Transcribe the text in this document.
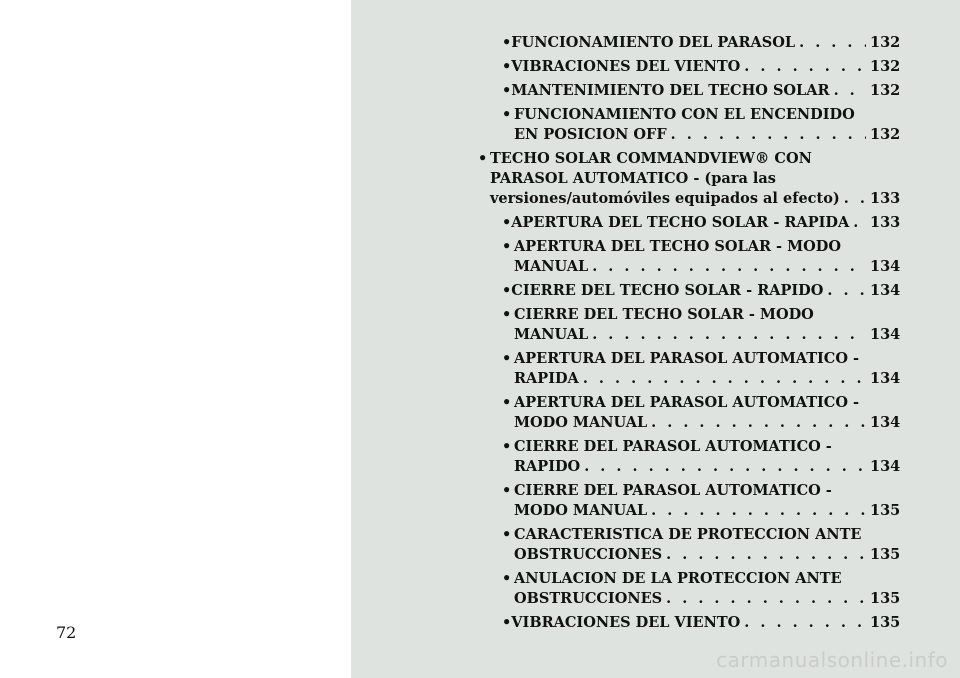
• FUNCIONAMIENTO DEL PARASOL . . .	132
• VIBRACIONES DEL VIENTO . . .	132
• MANTENIMIENTO DEL TECHO SOLAR . . .	132
• FUNCIONAMIENTO CON EL ENCENDIDO
EN POSICION OFF . . .	132
• TECHO SOLAR COMMANDVIEW® CON
PARASOL AUTOMATICO - (para las
versiones/automóviles equipados al efecto) . . . 133
• APERTURA DEL TECHO SOLAR - RAPIDA . . . 133
• APERTURA DEL TECHO SOLAR - MODO
MANUAL . . .	134
• CIERRE DEL TECHO SOLAR - RAPIDO . . .	134
• CIERRE DEL TECHO SOLAR - MODO
MANUAL . . .	134
• APERTURA DEL PARASOL AUTOMATICO -
RAPIDA . . .	134
• APERTURA DEL PARASOL AUTOMATICO -
MODO MANUAL . . .	134
• CIERRE DEL PARASOL AUTOMATICO -
RAPIDO . . .	134
• CIERRE DEL PARASOL AUTOMATICO -
MODO MANUAL . . .	135
• CARACTERISTICA DE PROTECCION ANTE
OBSTRUCCIONES . . .	135
• ANULACION DE LA PROTECCION ANTE
OBSTRUCCIONES . . .	135
• VIBRACIONES DEL VIENTO . . .	135
72
carmanualsonline.info
